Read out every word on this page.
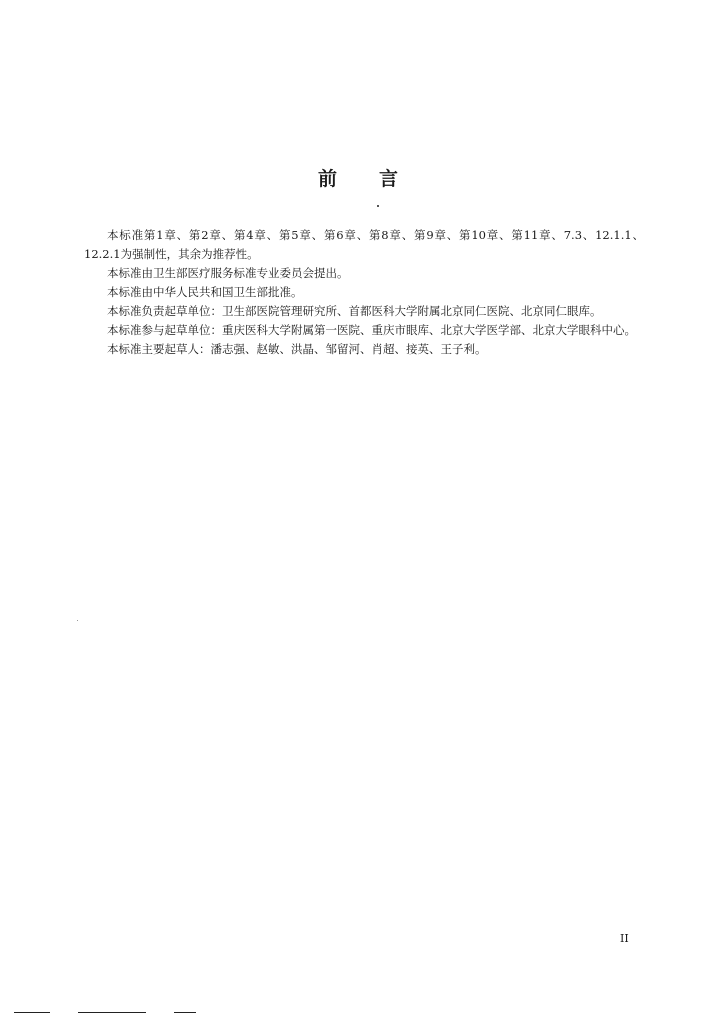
前 言

本标准第1章、第2章、第4章、第5章、第6章、第8章、第9章、第10章、第11章、7.3、12.1.1、12.2.1为强制性，其余为推荐性。

本标准由卫生部医疗服务标准专业委员会提出。

本标准由中华人民共和国卫生部批准。

本标准负责起草单位：卫生部医院管理研究所、首都医科大学附属北京同仁医院、北京同仁眼库。

本标准参与起草单位：重庆医科大学附属第一医院、重庆市眼库、北京大学医学部、北京大学眼科中心。

本标准主要起草人：潘志强、赵敏、洪晶、邹留河、肖超、接英、王子利。

II
